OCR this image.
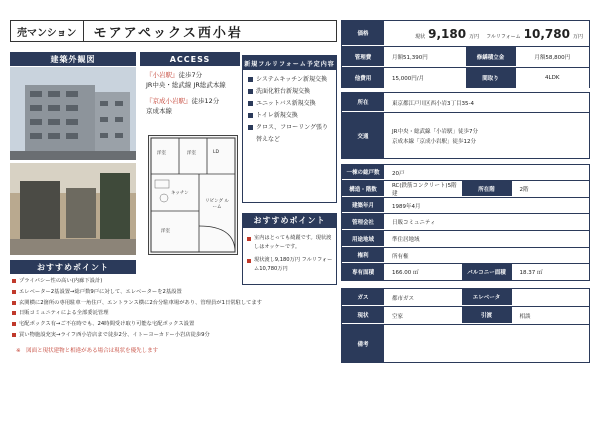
売マンション	モアアペックス西小岩
建築外観図	ACCESS
『小岩駅』徒歩7分
JR中央・総武線 JR総武本線
『京成小岩駅』徒歩12分
京成本線
洋室	洋室	LD
キッチン
洋室
リビング ルーム
新規フルリフォーム予定内容
システムキッチン新規交換
洗面化粧台新規交換
ユニットバス新規交換
トイレ新規交換
クロス、フローリング張り替えなど
おすすめポイント
室内はとっても綺麗です。現状渡しはオッケーです。
現状渡し9,180万円 フルリフォーム10,780万円
おすすめポイント
プライバシー性の高い(内廊下設計)
エレベーター2基設置→総戸数9戸に対して、エレベーターを2基設置
玄関横に2箇所の専用駐車一角住戸、エントランス横に2台分駐車場があり、管理員が1日常駐してます
日販コミュニティによる全部委託管理
宅配ボックス有→ご不在時でも、24時間受け取り可能な宅配ボックス設置
買い物施設充実→ライフ西小岩店まで徒歩2分、イトーヨーカドー小岩店徒歩9分
※　図面と現状建物と相違がある場合は現状を優先します
価格	現状 9,180 万円 フルリフォーム 10,780 万円
管理費	月額51,390円	修繕積立金	月額58,800円
他費用	15,000円/月	間取り	4LDK
所在	東京都江戸川区西小岩3丁目35-4
交通
JR中央・総武線「小岩駅」徒歩7分
京成本線「京成小岩駅」徒歩12分
一棟の総戸数	20戸
構造・階数
RC(鉄筋コンクリート)5階建
所在階	2階
建築年月	1989年4月
管理会社	日販コミュニティ
用途地域	準住居地域
権利	所有権
専有面積	166.00 ㎡	バルコニー面積	18.37 ㎡
ガス	都市ガス	エレベータ
現状	空家	引渡	相談
備考
